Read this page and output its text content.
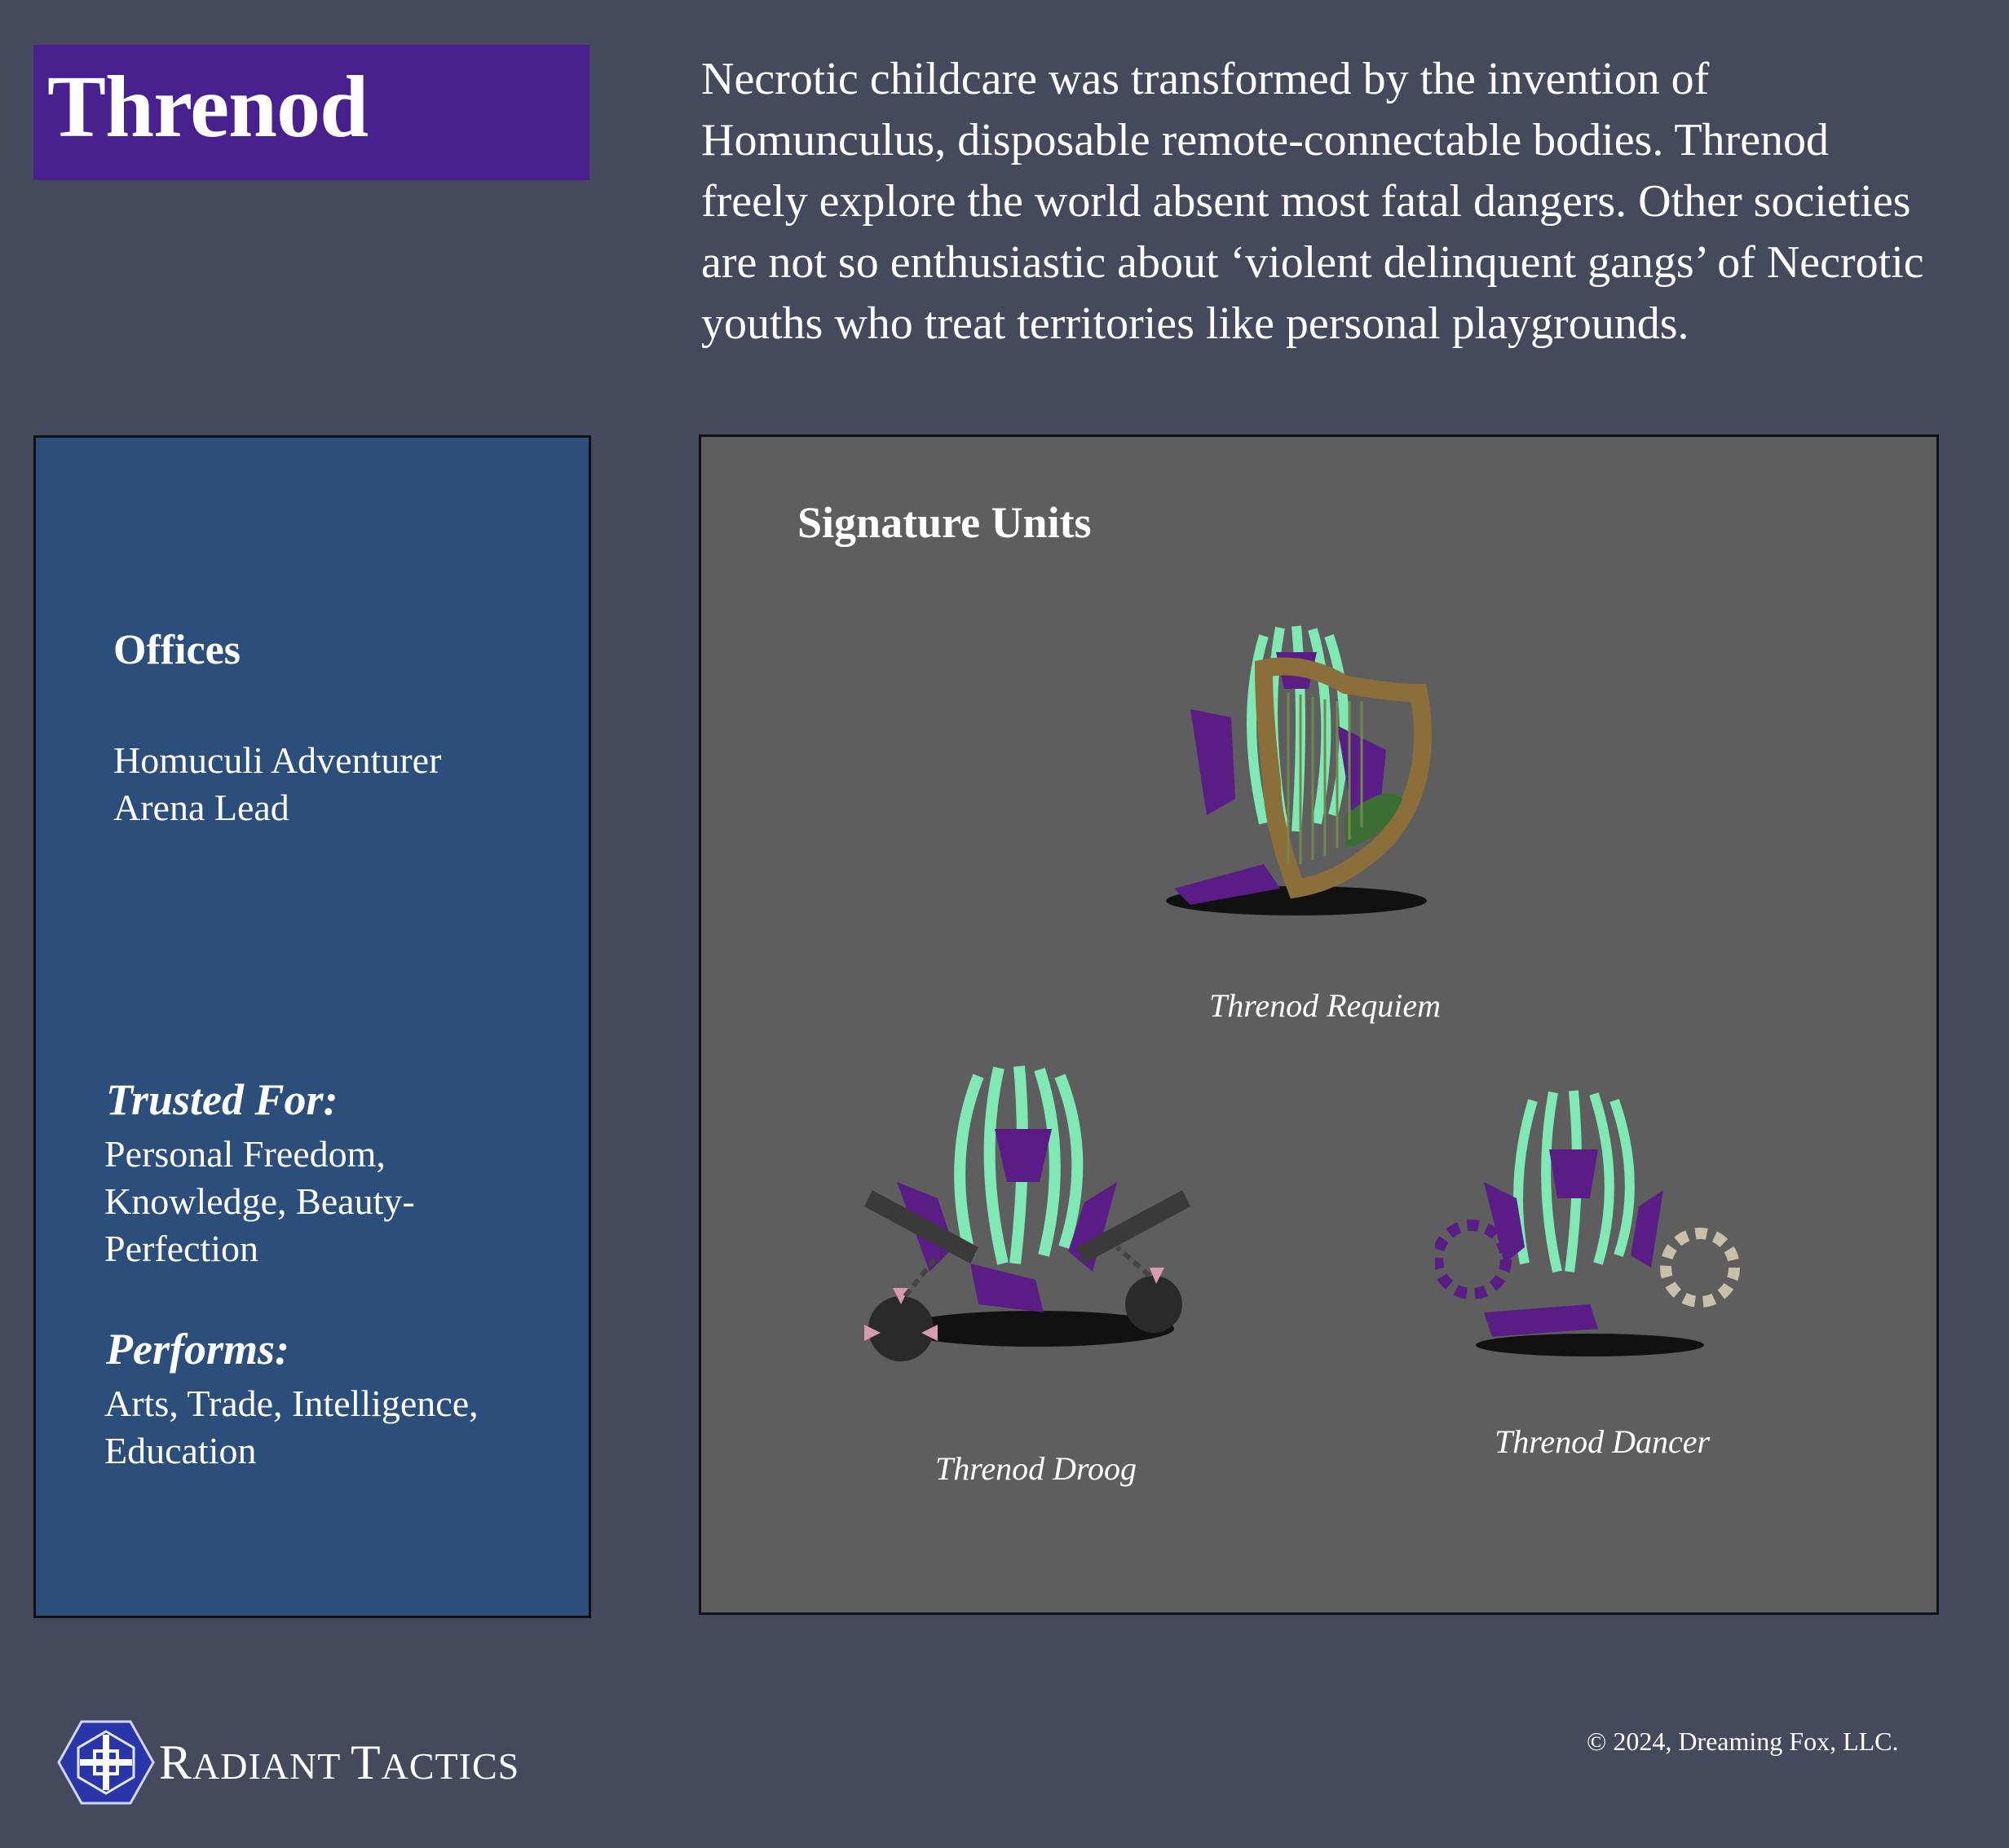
Threnod	Necrotic childcare was transformed by the invention of Homunculus, disposable remote-connectable bodies. Threnod freely explore the world absent most fatal dangers. Other societies are not so enthusiastic about ‘violent delinquent gangs’ of Necrotic youths who treat territories like personal playgrounds.
Offices
Homuculi Adventurer
Arena Lead
Trusted For:
Personal Freedom, Knowledge, Beauty-Perfection
Performs:
Arts, Trade, Intelligence, Education
Signature Units
Threnod Requiem
Threnod Droog
Threnod Dancer
RADIANT TACTICS
© 2024, Dreaming Fox, LLC.
